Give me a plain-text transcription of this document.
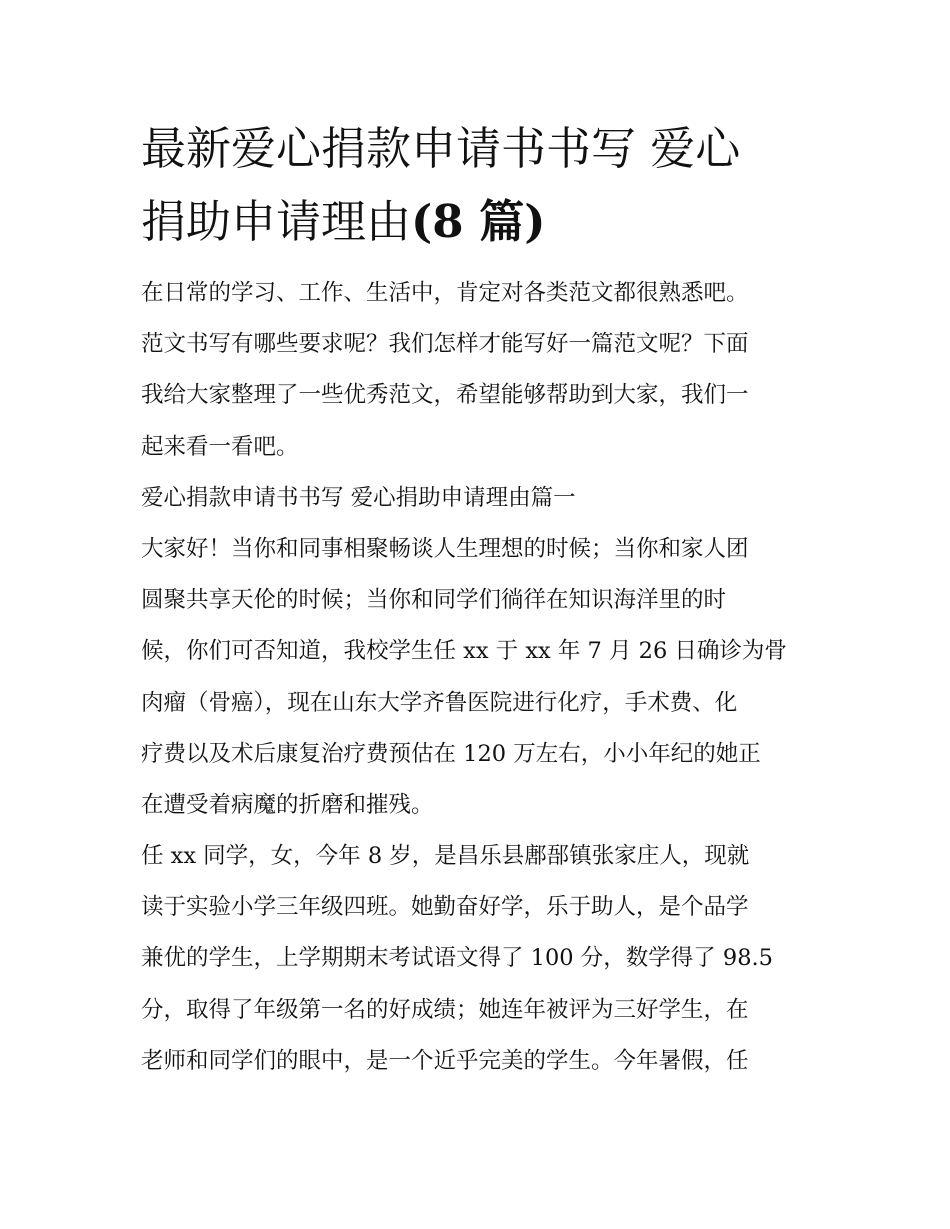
最新爱心捐款申请书书写 爱心
捐助申请理由(8 篇)
在日常的学习、工作、生活中，肯定对各类范文都很熟悉吧。
范文书写有哪些要求呢？我们怎样才能写好一篇范文呢？下面
我给大家整理了一些优秀范文，希望能够帮助到大家，我们一
起来看一看吧。
爱心捐款申请书书写 爱心捐助申请理由篇一
大家好！当你和同事相聚畅谈人生理想的时候；当你和家人团
圆聚共享天伦的时候；当你和同学们徜徉在知识海洋里的时
候，你们可否知道，我校学生任 xx 于 xx 年 7 月 26 日确诊为骨
肉瘤（骨癌），现在山东大学齐鲁医院进行化疗，手术费、化
疗费以及术后康复治疗费预估在 120 万左右，小小年纪的她正
在遭受着病魔的折磨和摧残。
任 xx 同学，女，今年 8 岁，是昌乐县鄌郚镇张家庄人，现就
读于实验小学三年级四班。她勤奋好学，乐于助人，是个品学
兼优的学生，上学期期末考试语文得了 100 分，数学得了 98.5
分，取得了年级第一名的好成绩；她连年被评为三好学生，在
老师和同学们的眼中，是一个近乎完美的学生。今年暑假，任
